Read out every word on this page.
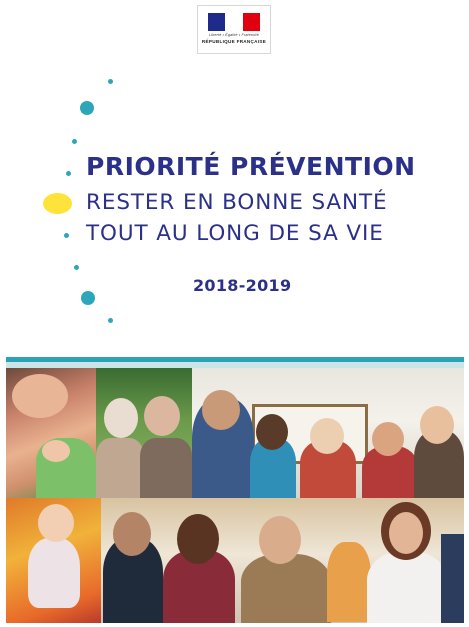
Liberté • Égalité • Fraternité
RÉPUBLIQUE FRANÇAISE
PRIORITÉ PRÉVENTION
RESTER EN BONNE SANTÉ
TOUT AU LONG DE SA VIE
2018-2019
